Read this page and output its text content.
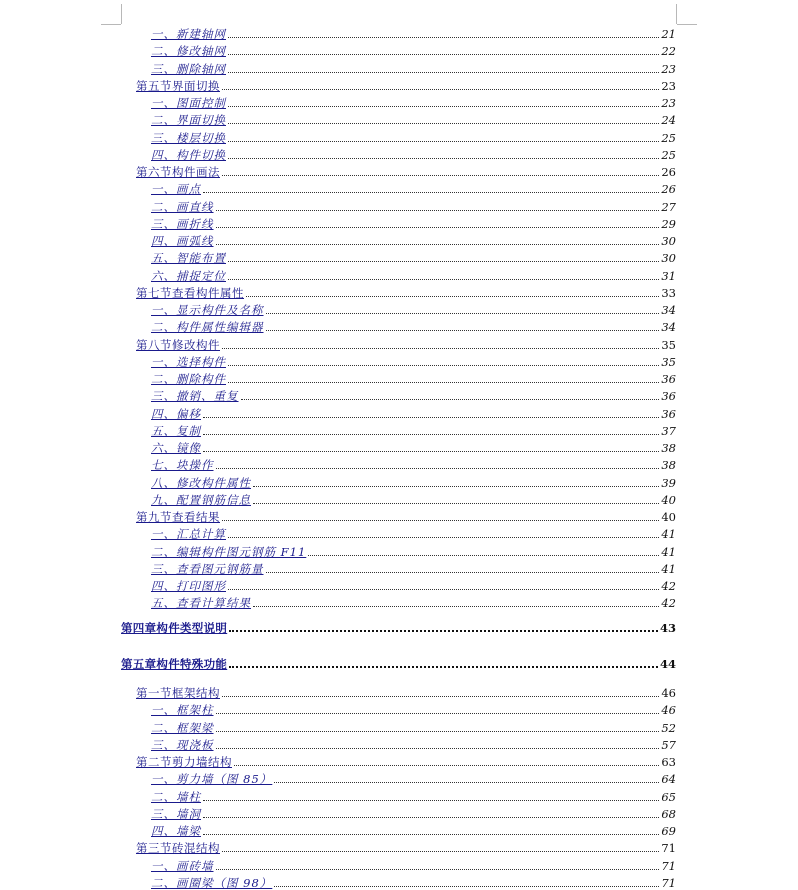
一、新建轴网	21
二、修改轴网	22
三、删除轴网	23
第五节界面切换	23
一、图面控制	23
二、界面切换	24
三、楼层切换	25
四、构件切换	25
第六节构件画法	26
一、画点	26
二、画直线	27
三、画折线	29
四、画弧线	30
五、智能布置	30
六、捕捉定位	31
第七节查看构件属性	33
一、显示构件及名称	34
二、构件属性编辑器	34
第八节修改构件	35
一、选择构件	35
二、删除构件	36
三、撤销、重复	36
四、偏移	36
五、复制	37
六、镜像	38
七、块操作	38
八、修改构件属性	39
九、配置钢筋信息	40
第九节查看结果	40
一、汇总计算	41
二、编辑构件图元钢筋 F11	41
三、查看图元钢筋量	41
四、打印图形	42
五、查看计算结果	42
第四章构件类型说明	43
第五章构件特殊功能	44
第一节框架结构	46
一、框架柱	46
二、框架梁	52
三、现浇板	57
第二节剪力墙结构	63
一、剪力墙（图 85）	64
二、墙柱	65
三、墙洞	68
四、墙梁	69
第三节砖混结构	71
一、画砖墙	71
二、画圈梁（图 98）	71
